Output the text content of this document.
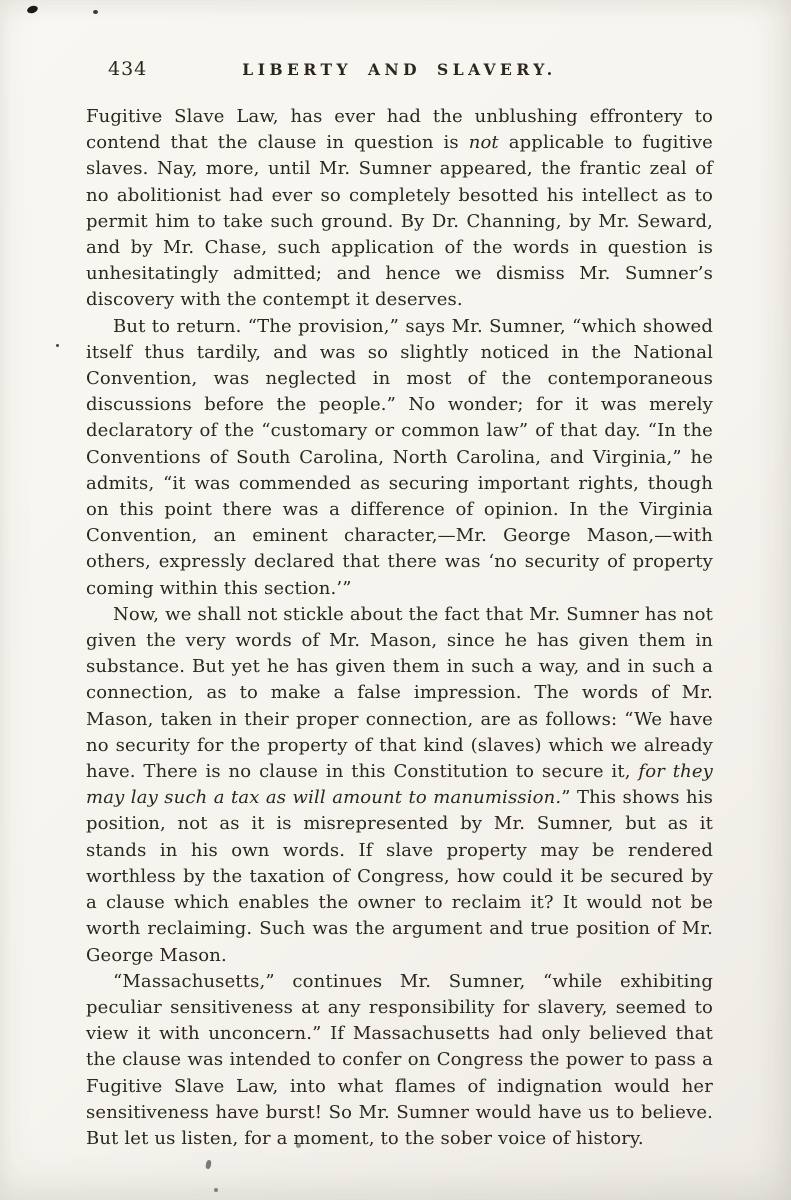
434	LIBERTY AND SLAVERY.

Fugitive Slave Law, has ever had the unblushing effrontery to contend that the clause in question is not applicable to fugitive slaves. Nay, more, until Mr. Sumner appeared, the frantic zeal of no abolitionist had ever so completely besotted his intellect as to permit him to take such ground. By Dr. Channing, by Mr. Seward, and by Mr. Chase, such application of the words in question is unhesitatingly admitted; and hence we dismiss Mr. Sumner’s discovery with the contempt it deserves.

But to return. “The provision,” says Mr. Sumner, “which showed itself thus tardily, and was so slightly noticed in the National Convention, was neglected in most of the contemporaneous discussions before the people.” No wonder; for it was merely declaratory of the “customary or common law” of that day. “In the Conventions of South Carolina, North Carolina, and Virginia,” he admits, “it was commended as securing important rights, though on this point there was a difference of opinion. In the Virginia Convention, an eminent character,—Mr. George Mason,—with others, expressly declared that there was ‘no security of property coming within this section.’”

Now, we shall not stickle about the fact that Mr. Sumner has not given the very words of Mr. Mason, since he has given them in substance. But yet he has given them in such a way, and in such a connection, as to make a false impression. The words of Mr. Mason, taken in their proper connection, are as follows: “We have no security for the property of that kind (slaves) which we already have. There is no clause in this Constitution to secure it, for they may lay such a tax as will amount to manumission.” This shows his position, not as it is misrepresented by Mr. Sumner, but as it stands in his own words. If slave property may be rendered worthless by the taxation of Congress, how could it be secured by a clause which enables the owner to reclaim it? It would not be worth reclaiming. Such was the argument and true position of Mr. George Mason.

“Massachusetts,” continues Mr. Sumner, “while exhibiting peculiar sensitiveness at any responsibility for slavery, seemed to view it with unconcern.” If Massachusetts had only believed that the clause was intended to confer on Congress the power to pass a Fugitive Slave Law, into what flames of indignation would her sensitiveness have burst! So Mr. Sumner would have us to believe. But let us listen, for a moment, to the sober voice of history.
